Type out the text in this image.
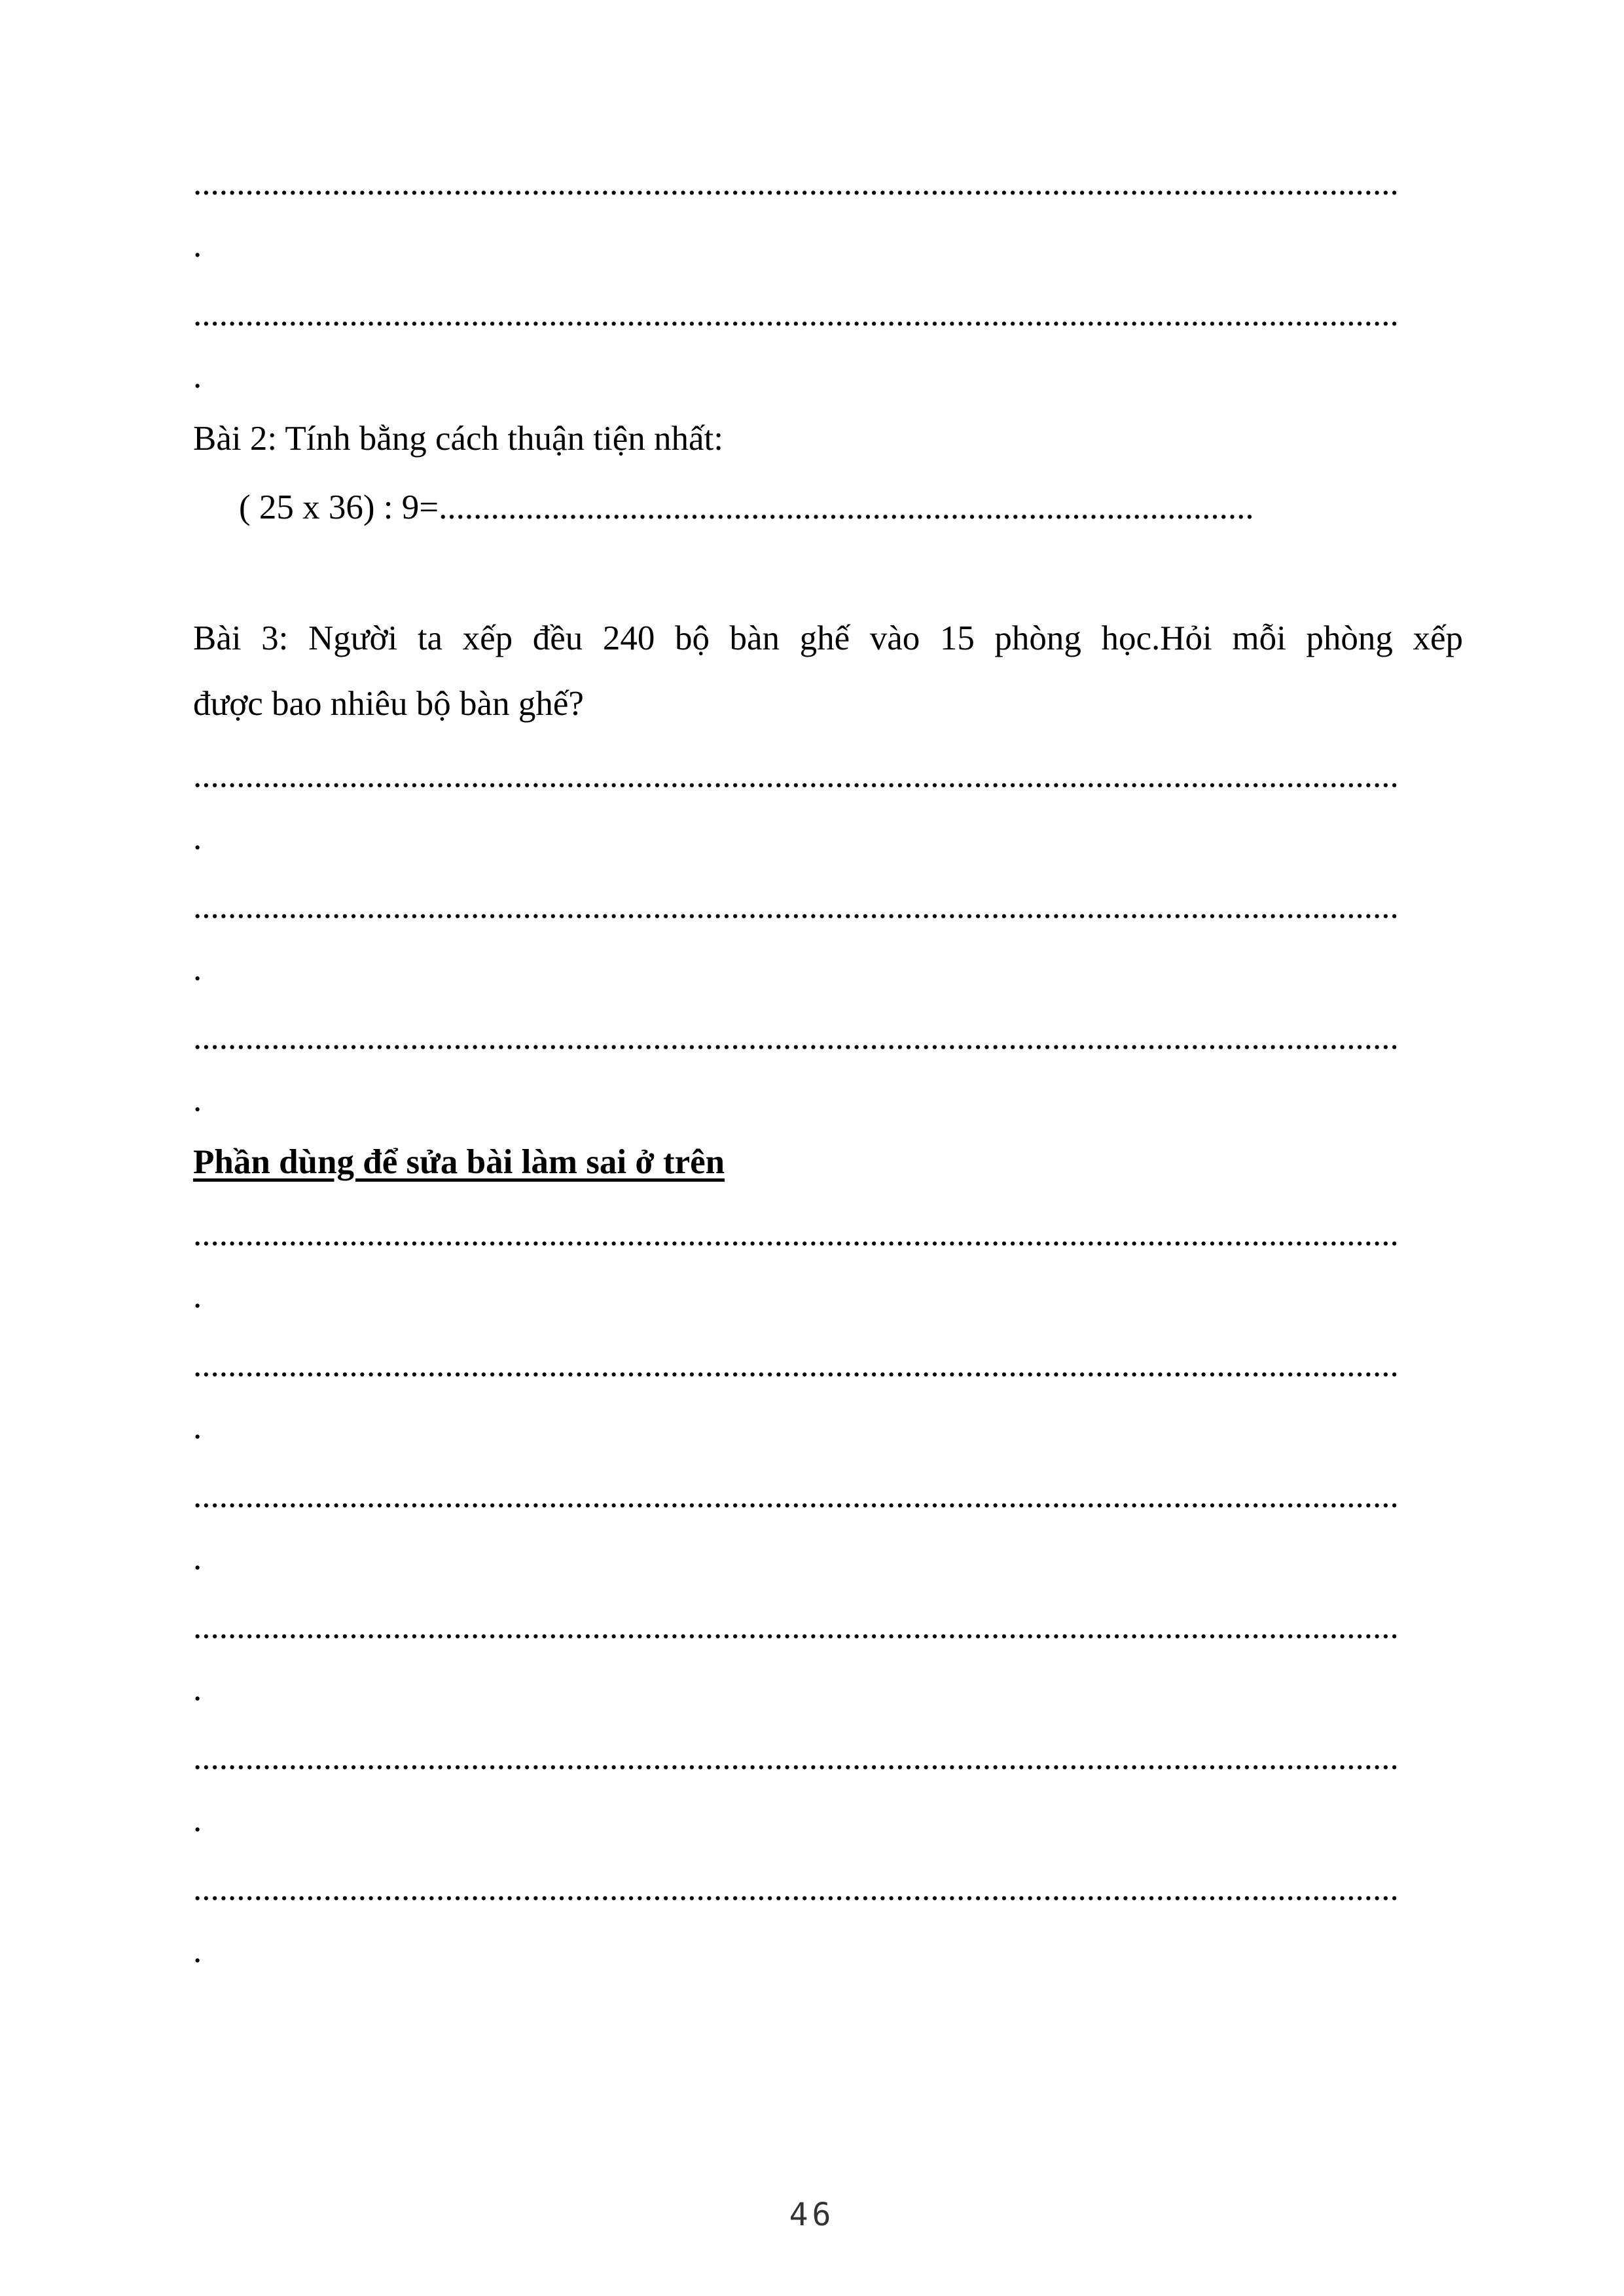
...........................................................................................................................................
.
...........................................................................................................................................
.
Bài 2: Tính bằng cách thuận tiện nhất:
( 25 x 36) : 9=..............................................................................................
Bài 3: Người ta xếp đều 240 bộ bàn ghế vào 15 phòng học.Hỏi mỗi phòng xếp
được bao nhiêu bộ bàn ghế?
...........................................................................................................................................
.
...........................................................................................................................................
.
...........................................................................................................................................
.
Phần dùng để sửa bài làm sai ở trên
...........................................................................................................................................
.
...........................................................................................................................................
.
...........................................................................................................................................
.
...........................................................................................................................................
.
...........................................................................................................................................
.
...........................................................................................................................................
.
46
